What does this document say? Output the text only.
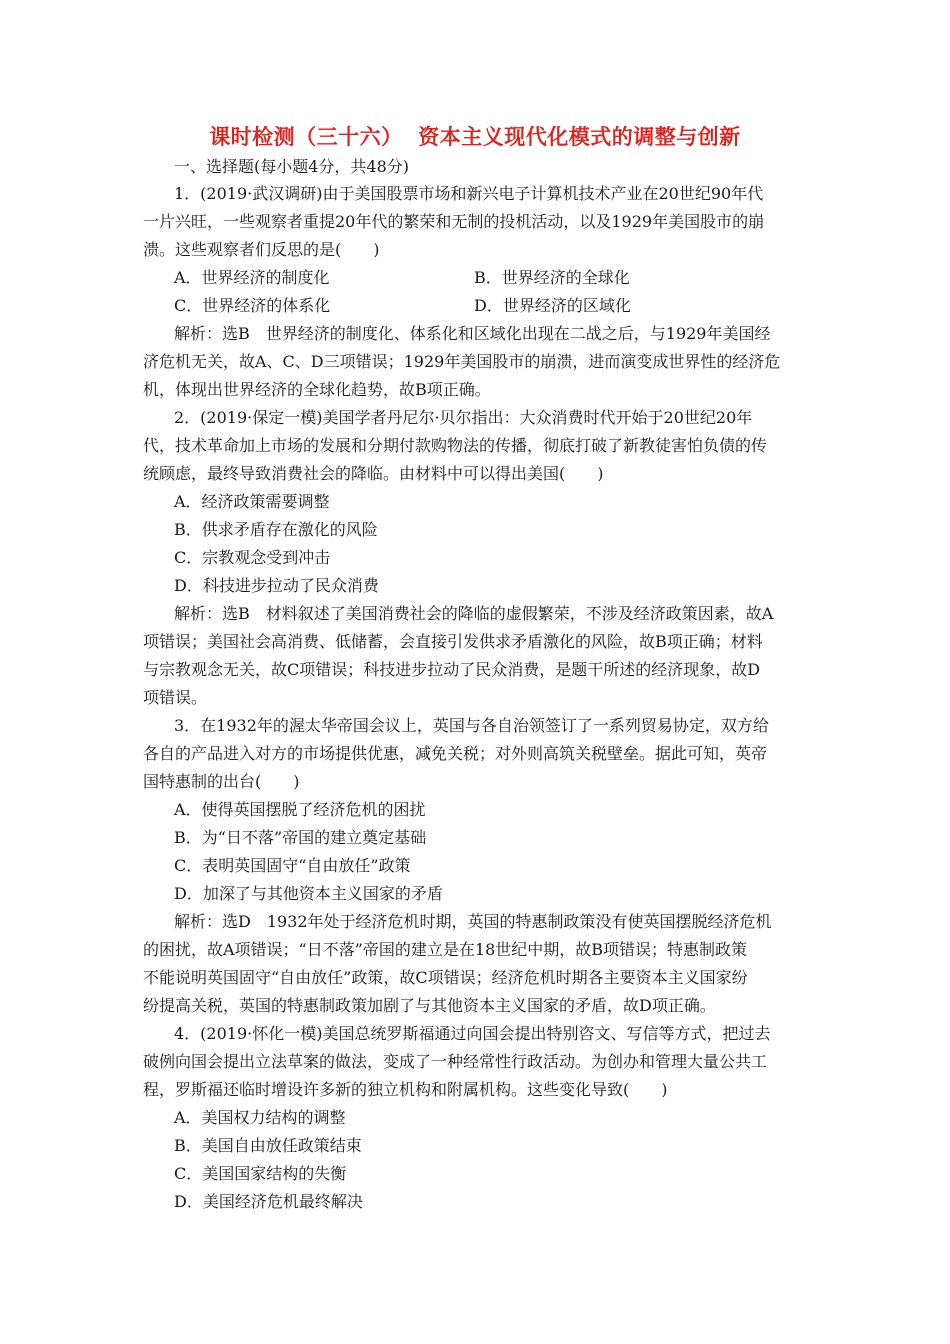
课时检测（三十六）  资本主义现代化模式的调整与创新
一、选择题(每小题4分，共48分)
1．(2019·武汉调研)由于美国股票市场和新兴电子计算机技术产业在20世纪90年代
一片兴旺，一些观察者重提20年代的繁荣和无制的投机活动，以及1929年美国股市的崩
溃。这些观察者们反思的是(　　)
A．世界经济的制度化	B．世界经济的全球化
C．世界经济的体系化	D．世界经济的区域化
解析：选B　世界经济的制度化、体系化和区域化出现在二战之后，与1929年美国经
济危机无关，故A、C、D三项错误；1929年美国股市的崩溃，进而演变成世界性的经济危
机，体现出世界经济的全球化趋势，故B项正确。
2．(2019·保定一模)美国学者丹尼尔·贝尔指出：大众消费时代开始于20世纪20年
代，技术革命加上市场的发展和分期付款购物法的传播，彻底打破了新教徒害怕负债的传
统顾虑，最终导致消费社会的降临。由材料中可以得出美国(　　)
A．经济政策需要调整
B．供求矛盾存在激化的风险
C．宗教观念受到冲击
D．科技进步拉动了民众消费
解析：选B　材料叙述了美国消费社会的降临的虚假繁荣，不涉及经济政策因素，故A
项错误；美国社会高消费、低储蓄，会直接引发供求矛盾激化的风险，故B项正确；材料
与宗教观念无关，故C项错误；科技进步拉动了民众消费，是题干所述的经济现象，故D
项错误。
3．在1932年的渥太华帝国会议上，英国与各自治领签订了一系列贸易协定，双方给
各自的产品进入对方的市场提供优惠，减免关税；对外则高筑关税壁垒。据此可知，英帝
国特惠制的出台(　　)
A．使得英国摆脱了经济危机的困扰
B．为“日不落”帝国的建立奠定基础
C．表明英国固守“自由放任”政策
D．加深了与其他资本主义国家的矛盾
解析：选D　1932年处于经济危机时期，英国的特惠制政策没有使英国摆脱经济危机
的困扰，故A项错误；“日不落”帝国的建立是在18世纪中期，故B项错误；特惠制政策
不能说明英国固守“自由放任”政策，故C项错误；经济危机时期各主要资本主义国家纷
纷提高关税，英国的特惠制政策加剧了与其他资本主义国家的矛盾，故D项正确。
4．(2019·怀化一模)美国总统罗斯福通过向国会提出特别咨文、写信等方式，把过去
破例向国会提出立法草案的做法，变成了一种经常性行政活动。为创办和管理大量公共工
程，罗斯福还临时增设许多新的独立机构和附属机构。这些变化导致(　　)
A．美国权力结构的调整
B．美国自由放任政策结束
C．美国国家结构的失衡
D．美国经济危机最终解决
